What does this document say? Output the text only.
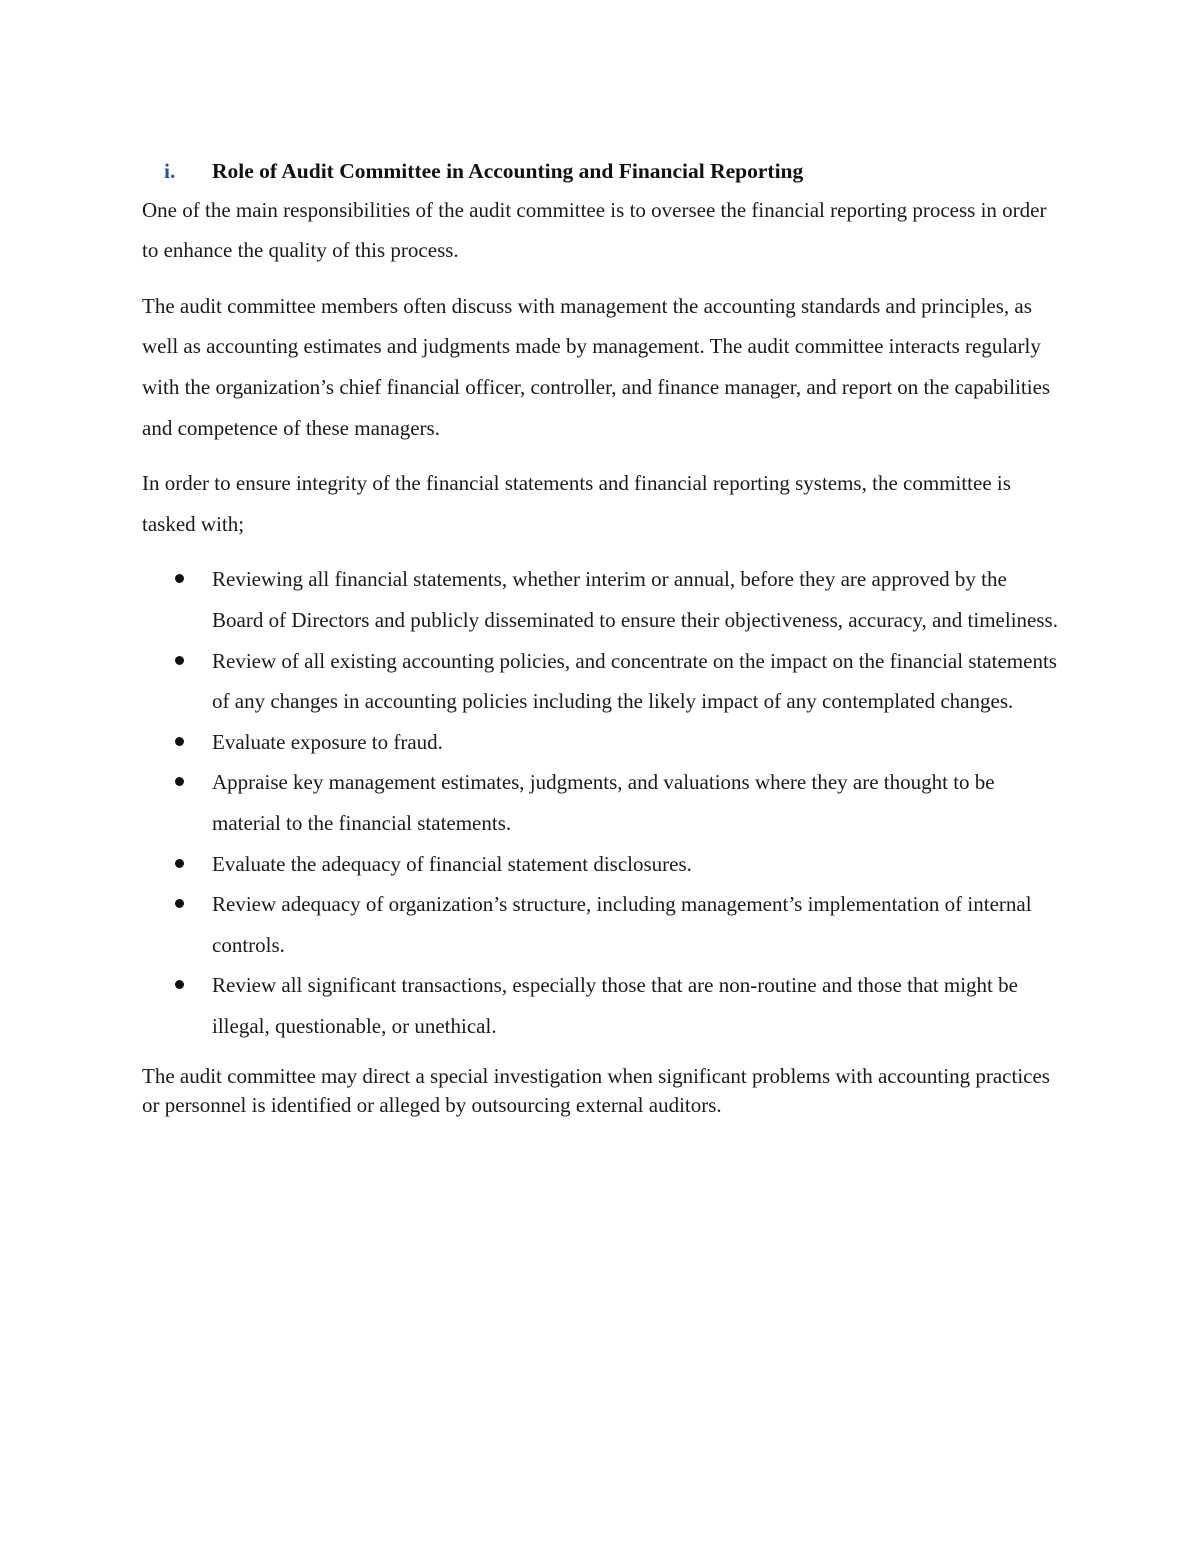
i.	Role of Audit Committee in Accounting and Financial Reporting

One of the main responsibilities of the audit committee is to oversee the financial reporting process in order to enhance the quality of this process.

The audit committee members often discuss with management the accounting standards and principles, as well as accounting estimates and judgments made by management. The audit committee interacts regularly with the organization’s chief financial officer, controller, and finance manager, and report on the capabilities and competence of these managers.

In order to ensure integrity of the financial statements and financial reporting systems, the committee is tasked with;

Reviewing all financial statements, whether interim or annual, before they are approved by the Board of Directors and publicly disseminated to ensure their objectiveness, accuracy, and timeliness.
Review of all existing accounting policies, and concentrate on the impact on the financial statements of any changes in accounting policies including the likely impact of any contemplated changes.
Evaluate exposure to fraud.
Appraise key management estimates, judgments, and valuations where they are thought to be material to the financial statements.
Evaluate the adequacy of financial statement disclosures.
Review adequacy of organization’s structure, including management’s implementation of internal controls.
Review all significant transactions, especially those that are non-routine and those that might be illegal, questionable, or unethical.

The audit committee may direct a special investigation when significant problems with accounting practices or personnel is identified or alleged by outsourcing external auditors.
